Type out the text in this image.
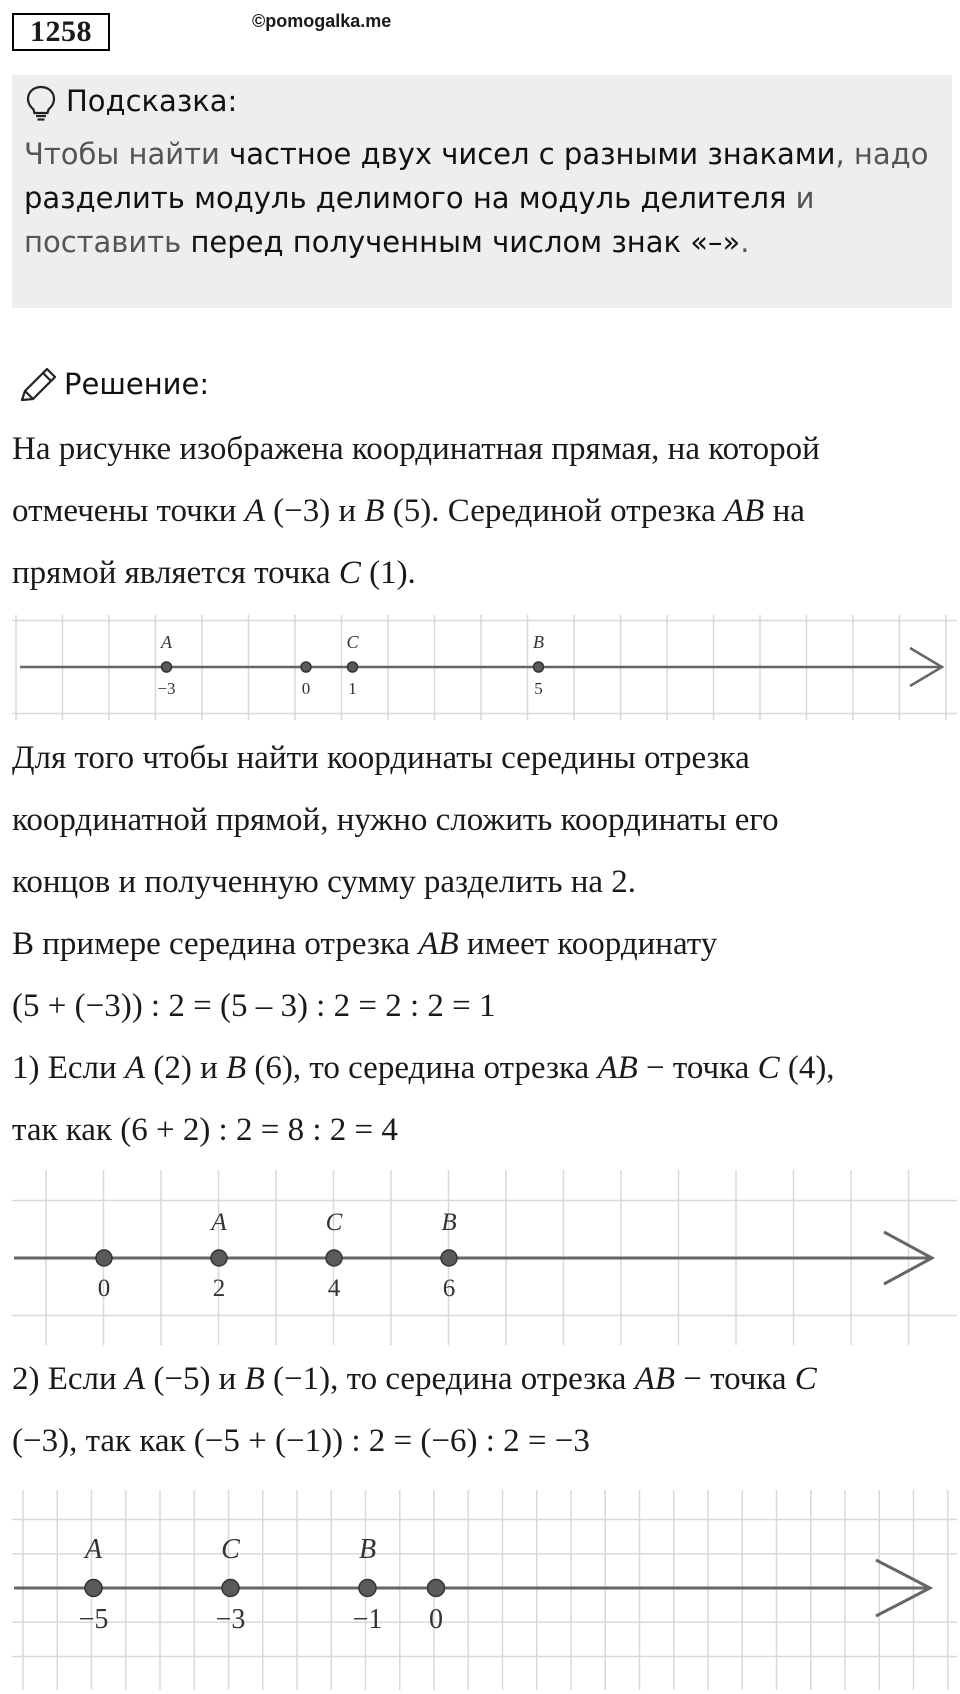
1258	©pomogalka.me
Подсказка:
Чтобы найти частное двух чисел с разными знаками, надо разделить модуль делимого на модуль делителя и поставить перед полученным числом знак «–».
Решение:
На рисунке изображена координатная прямая, на которой
отмечены точки A (−3) и B (5). Серединой отрезка AB на
прямой является точка C (1).
−3
A
0 1
C
5
B
Для того чтобы найти координаты середины отрезка
координатной прямой, нужно сложить координаты его
концов и полученную сумму разделить на 2.
В примере середина отрезка AB имеет координату
(5 + (−3)) : 2 = (5 – 3) : 2 = 2 : 2 = 1
1) Если A (2) и B (6), то середина отрезка AB − точка C (4),
так как (6 + 2) : 2 = 8 : 2 = 4
0	2
A
4
C
6
B
2) Если A (−5) и B (−1), то середина отрезка AB − точка C
(−3), так как (−5 + (−1)) : 2 = (−6) : 2 = −3
−5
A
−3
C
−1
B
0
